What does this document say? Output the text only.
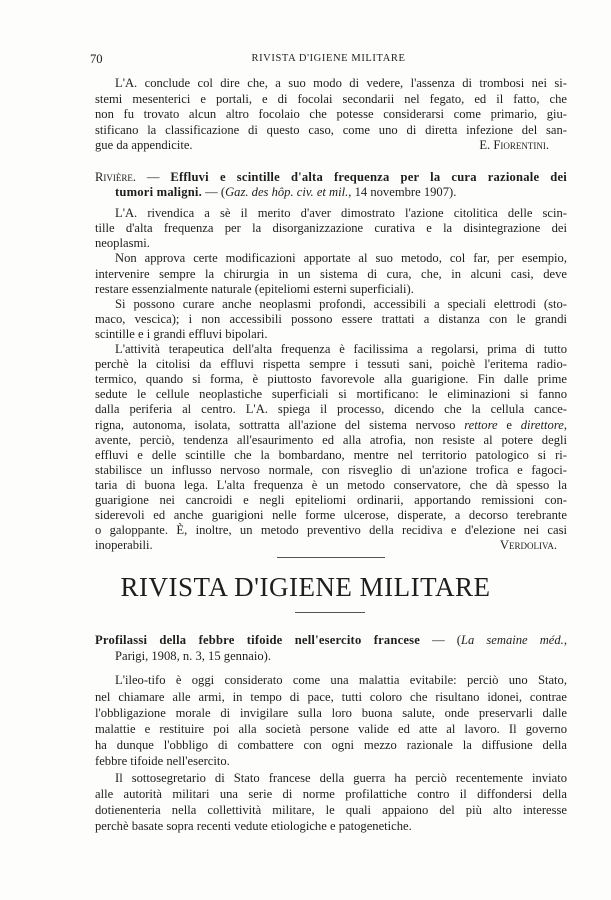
70	RIVISTA D'IGIENE MILITARE
L'A. conclude col dire che, a suo modo di vedere, l'assenza di trombosi nei si-
stemi mesenterici e portali, e di focolai secondarii nel fegato, ed il fatto, che
non fu trovato alcun altro focolaio che potesse considerarsi come primario, giu-
stificano la classificazione di questo caso, come uno di diretta infezione del san-
gue da appendicite.	E. Fiorentini.
Rivière. — Effluvi e scintille d'alta frequenza per la cura razionale dei
tumori maligni. — (Gaz. des hôp. civ. et mil., 14 novembre 1907).
L'A. rivendica a sè il merito d'aver dimostrato l'azione citolitica delle scin-
tille d'alta frequenza per la disorganizzazione curativa e la disintegrazione dei
neoplasmi.
Non approva certe modificazioni apportate al suo metodo, col far, per esempio,
intervenire sempre la chirurgia in un sistema di cura, che, in alcuni casi, deve
restare essenzialmente naturale (epiteliomi esterni superficiali).
Si possono curare anche neoplasmi profondi, accessibili a speciali elettrodi (sto-
maco, vescica); i non accessibili possono essere trattati a distanza con le grandi
scintille e i grandi effluvi bipolari.
L'attività terapeutica dell'alta frequenza è facilissima a regolarsi, prima di tutto
perchè la citolisi da effluvi rispetta sempre i tessuti sani, poichè l'eritema radio-
termico, quando si forma, è piuttosto favorevole alla guarigione. Fin dalle prime
sedute le cellule neoplastiche superficiali si mortificano: le eliminazioni si fanno
dalla periferia al centro. L'A. spiega il processo, dicendo che la cellula cance-
rigna, autonoma, isolata, sottratta all'azione del sistema nervoso rettore e direttore,
avente, perciò, tendenza all'esaurimento ed alla atrofia, non resiste al potere degli
effluvi e delle scintille che la bombardano, mentre nel territorio patologico si ri-
stabilisce un influsso nervoso normale, con risveglio di un'azione trofica e fagoci-
taria di buona lega. L'alta frequenza è un metodo conservatore, che dà spesso la
guarigione nei cancroidi e negli epiteliomi ordinarii, apportando remissioni con-
siderevoli ed anche guarigioni nelle forme ulcerose, disperate, a decorso terebrante
o galoppante. È, inoltre, un metodo preventivo della recidiva e d'elezione nei casi
inoperabili.	Verdoliva.
RIVISTA D'IGIENE MILITARE
Profilassi della febbre tifoide nell'esercito francese — (La semaine méd.,
Parigi, 1908, n. 3, 15 gennaio).
L'ileo-tifo è oggi considerato come una malattia evitabile: perciò uno Stato,
nel chiamare alle armi, in tempo di pace, tutti coloro che risultano idonei, contrae
l'obbligazione morale di invigilare sulla loro buona salute, onde preservarli dalle
malattie e restituire poi alla società persone valide ed atte al lavoro. Il governo
ha dunque l'obbligo di combattere con ogni mezzo razionale la diffusione della
febbre tifoide nell'esercito.
Il sottosegretario di Stato francese della guerra ha perciò recentemente inviato
alle autorità militari una serie di norme profilattiche contro il diffondersi della
dotienenteria nella collettività militare, le quali appaiono del più alto interesse
perchè basate sopra recenti vedute etiologiche e patogenetiche.
